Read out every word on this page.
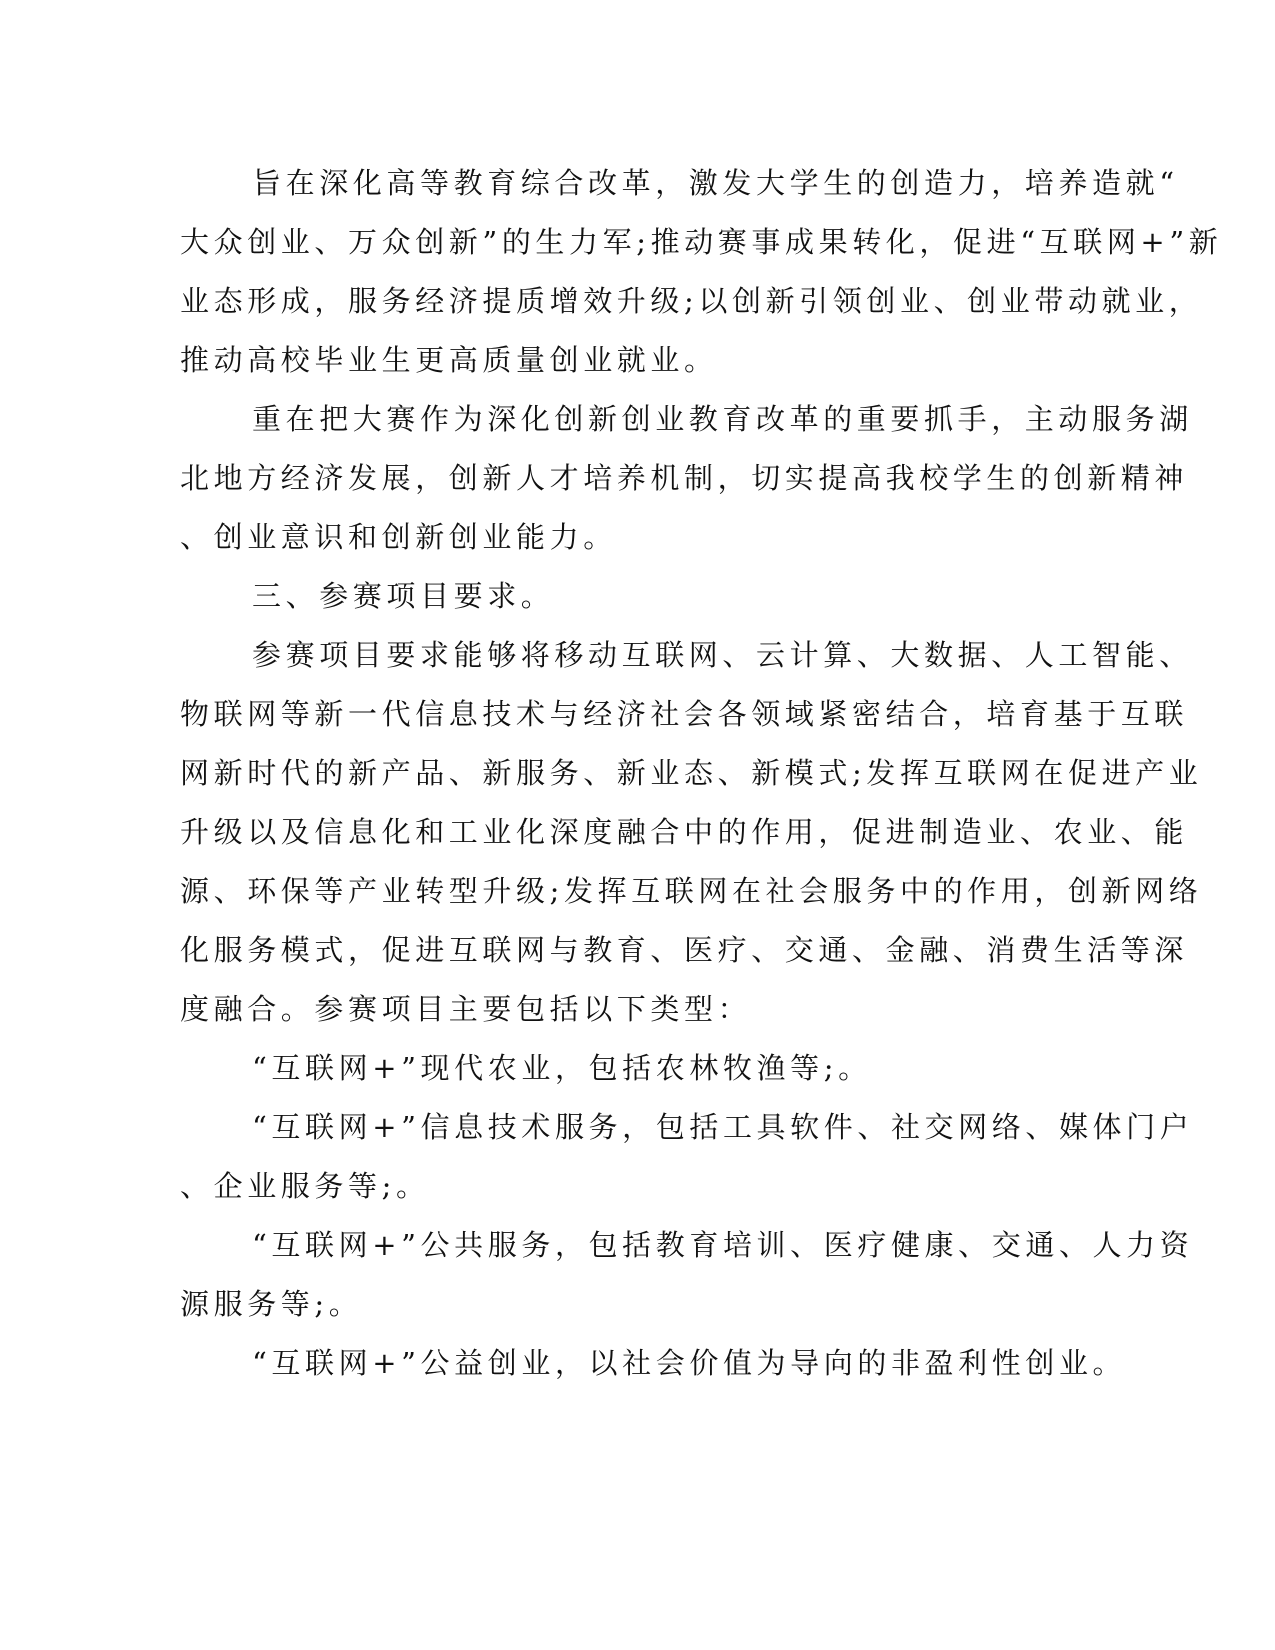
旨在深化高等教育综合改革，激发大学生的创造力，培养造就“
大众创业、万众创新”的生力军;推动赛事成果转化，促进“互联网+”新
业态形成，服务经济提质增效升级;以创新引领创业、创业带动就业，
推动高校毕业生更高质量创业就业。
重在把大赛作为深化创新创业教育改革的重要抓手，主动服务湖
北地方经济发展，创新人才培养机制，切实提高我校学生的创新精神
、创业意识和创新创业能力。
三、参赛项目要求。
参赛项目要求能够将移动互联网、云计算、大数据、人工智能、
物联网等新一代信息技术与经济社会各领域紧密结合，培育基于互联
网新时代的新产品、新服务、新业态、新模式;发挥互联网在促进产业
升级以及信息化和工业化深度融合中的作用，促进制造业、农业、能
源、环保等产业转型升级;发挥互联网在社会服务中的作用，创新网络
化服务模式，促进互联网与教育、医疗、交通、金融、消费生活等深
度融合。参赛项目主要包括以下类型：
“互联网+”现代农业，包括农林牧渔等;。
“互联网+”信息技术服务，包括工具软件、社交网络、媒体门户
、企业服务等;。
“互联网+”公共服务，包括教育培训、医疗健康、交通、人力资
源服务等;。
“互联网+”公益创业，以社会价值为导向的非盈利性创业。
